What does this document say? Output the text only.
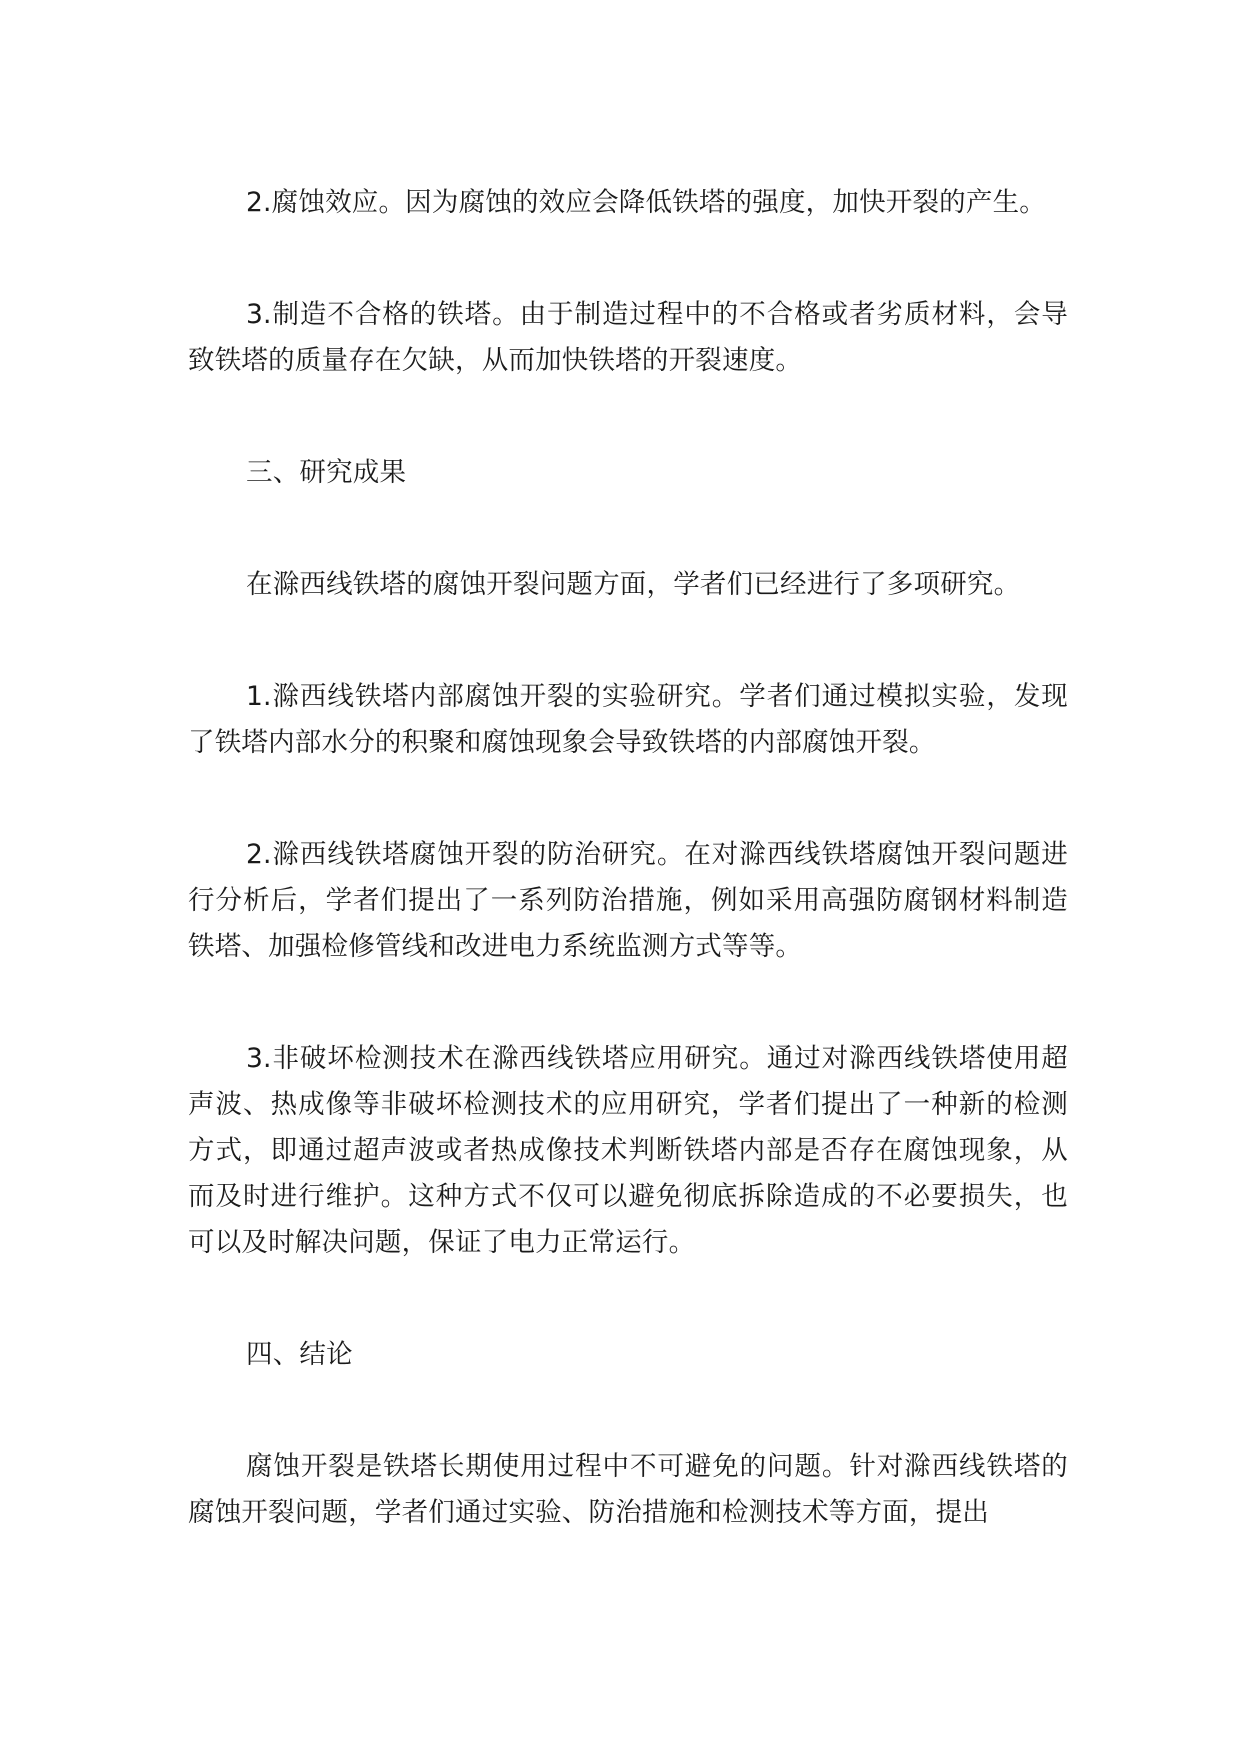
2.腐蚀效应。因为腐蚀的效应会降低铁塔的强度，加快开裂的产生。

3.制造不合格的铁塔。由于制造过程中的不合格或者劣质材料，会导致铁塔的质量存在欠缺，从而加快铁塔的开裂速度。

三、研究成果

在滁西线铁塔的腐蚀开裂问题方面，学者们已经进行了多项研究。

1.滁西线铁塔内部腐蚀开裂的实验研究。学者们通过模拟实验，发现了铁塔内部水分的积聚和腐蚀现象会导致铁塔的内部腐蚀开裂。

2.滁西线铁塔腐蚀开裂的防治研究。在对滁西线铁塔腐蚀开裂问题进行分析后，学者们提出了一系列防治措施，例如采用高强防腐钢材料制造铁塔、加强检修管线和改进电力系统监测方式等等。

3.非破坏检测技术在滁西线铁塔应用研究。通过对滁西线铁塔使用超声波、热成像等非破坏检测技术的应用研究，学者们提出了一种新的检测方式，即通过超声波或者热成像技术判断铁塔内部是否存在腐蚀现象，从而及时进行维护。这种方式不仅可以避免彻底拆除造成的不必要损失，也可以及时解决问题，保证了电力正常运行。

四、结论

腐蚀开裂是铁塔长期使用过程中不可避免的问题。针对滁西线铁塔的腐蚀开裂问题，学者们通过实验、防治措施和检测技术等方面，提出
